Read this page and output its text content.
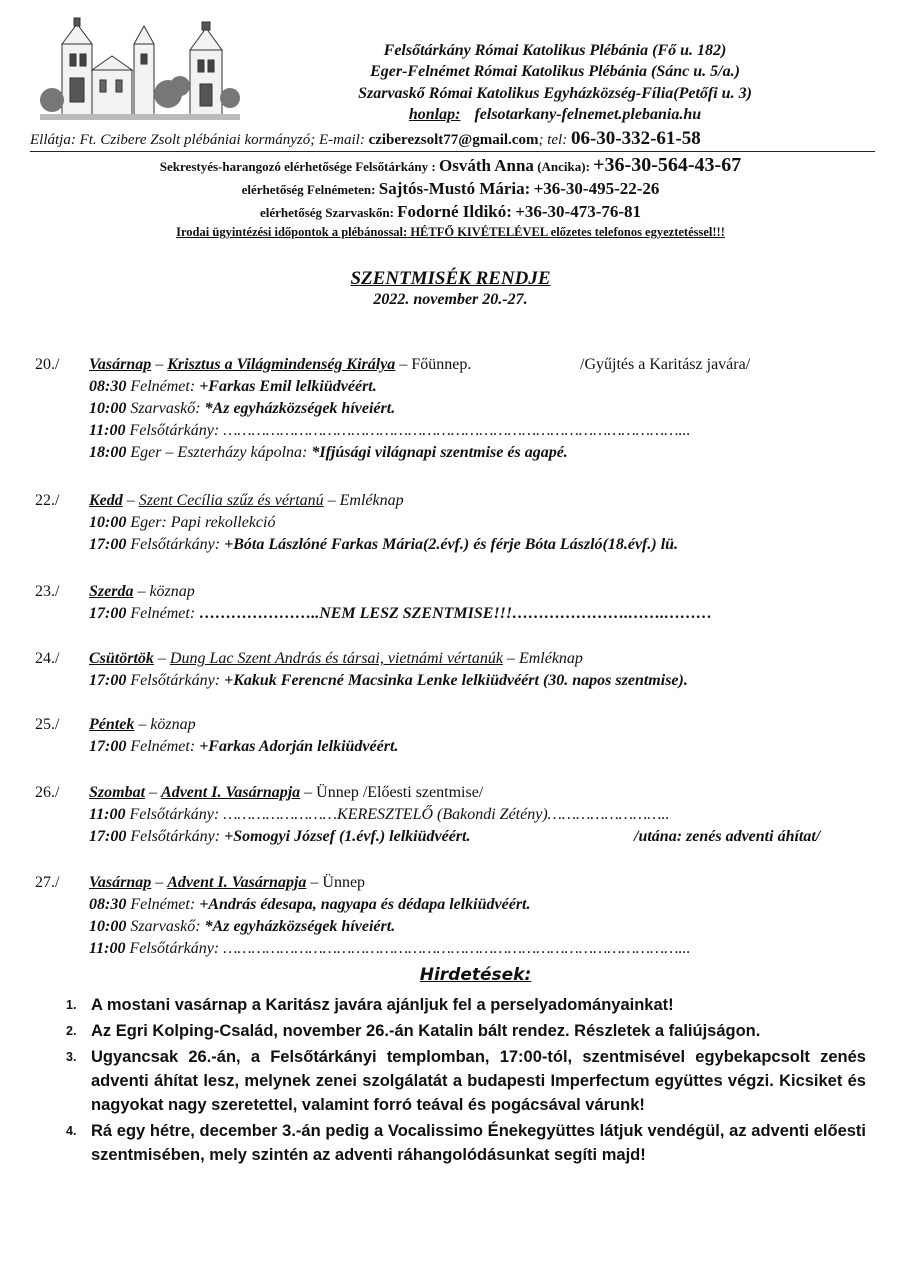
Felsőtárkány Római Katolikus Plébánia (Fő u. 182)
Eger-Felnémet Római Katolikus Plébánia (Sánc u. 5/a.)
Szarvaskő Római Katolikus Egyházközség-Fília(Petőfi u. 3)
honlap: felsotarkany-felnemet.plebania.hu
Ellátja: Ft. Czibere Zsolt plébániai kormányzó; E-mail: cziberezsolt77@gmail.com; tel: 06-30-332-61-58
Sekrestyés-harangozó elérhetősége Felsőtárkány : Osváth Anna (Ancika): +36-30-564-43-67
elérhetőség Felnémeten: Sajtós-Mustó Mária: +36-30-495-22-26
elérhetőség Szarvaskőn: Fodorné Ildikó: +36-30-473-76-81
Irodai ügyintézési időpontok a plébánossal: HÉTFŐ KIVÉTELÉVEL előzetes telefonos egyeztetéssel!!!
SZENTMISÉK RENDJE
2022. november 20.-27.
20./ Vasárnap – Krisztus a Világmindenség Királya – Főünnep.	/Gyűjtés a Karitász javára/
08:30 Felnémet: +Farkas Emil lelkiüdvéért.
10:00 Szarvaskő: *Az egyházközségek híveiért.
11:00 Felsőtárkány: ……………………………………………………………………………………...
18:00 Eger – Eszterházy kápolna: *Ifjúsági világnapi szentmise és agapé.
22./ Kedd – Szent Cecília szűz és vértanú – Emléknap
10:00 Eger: Papi rekollekció
17:00 Felsőtárkány: +Bóta Lászlóné Farkas Mária(2.évf.) és férje Bóta László(18.évf.) lü.
23./ Szerda – köznap
17:00 Felnémet: …………………..NEM LESZ SZENTMISE!!!………………….…….………
24./ Csütörtök – Dung Lac Szent András és társai, vietnámi vértanúk – Emléknap
17:00 Felsőtárkány: +Kakuk Ferencné Macsinka Lenke lelkiüdvéért (30. napos szentmise).
25./ Péntek – köznap
17:00 Felnémet: +Farkas Adorján lelkiüdvéért.
26./ Szombat – Advent I. Vasárnapja – Ünnep /Előesti szentmise/
11:00 Felsőtárkány: ……………………KERESZTELŐ (Bakondi Zétény)……………………..
17:00 Felsőtárkány: +Somogyi József (1.évf.) lelkiüdvéért.	/utána: zenés adventi áhítat/
27./ Vasárnap – Advent I. Vasárnapja – Ünnep
08:30 Felnémet: +András édesapa, nagyapa és dédapa lelkiüdvéért.
10:00 Szarvaskő: *Az egyházközségek híveiért.
11:00 Felsőtárkány: ……………………………………………………………………………………...
Hirdetések:
1. A mostani vasárnap a Karitász javára ajánljuk fel a perselyadományainkat!
2. Az Egri Kolping-Család, november 26.-án Katalin bált rendez. Részletek a faliújságon.
3. Ugyancsak 26.-án, a Felsőtárkányi templomban, 17:00-tól, szentmisével egybekapcsolt zenés adventi áhítat lesz, melynek zenei szolgálatát a budapesti Imperfectum együttes végzi. Kicsiket és nagyokat nagy szeretettel, valamint forró teával és pogácsával várunk!
4. Rá egy hétre, december 3.-án pedig a Vocalissimo Énekegyüttes látjuk vendégül, az adventi előesti szentmisében, mely szintén az adventi ráhangolódásunkat segíti majd!
